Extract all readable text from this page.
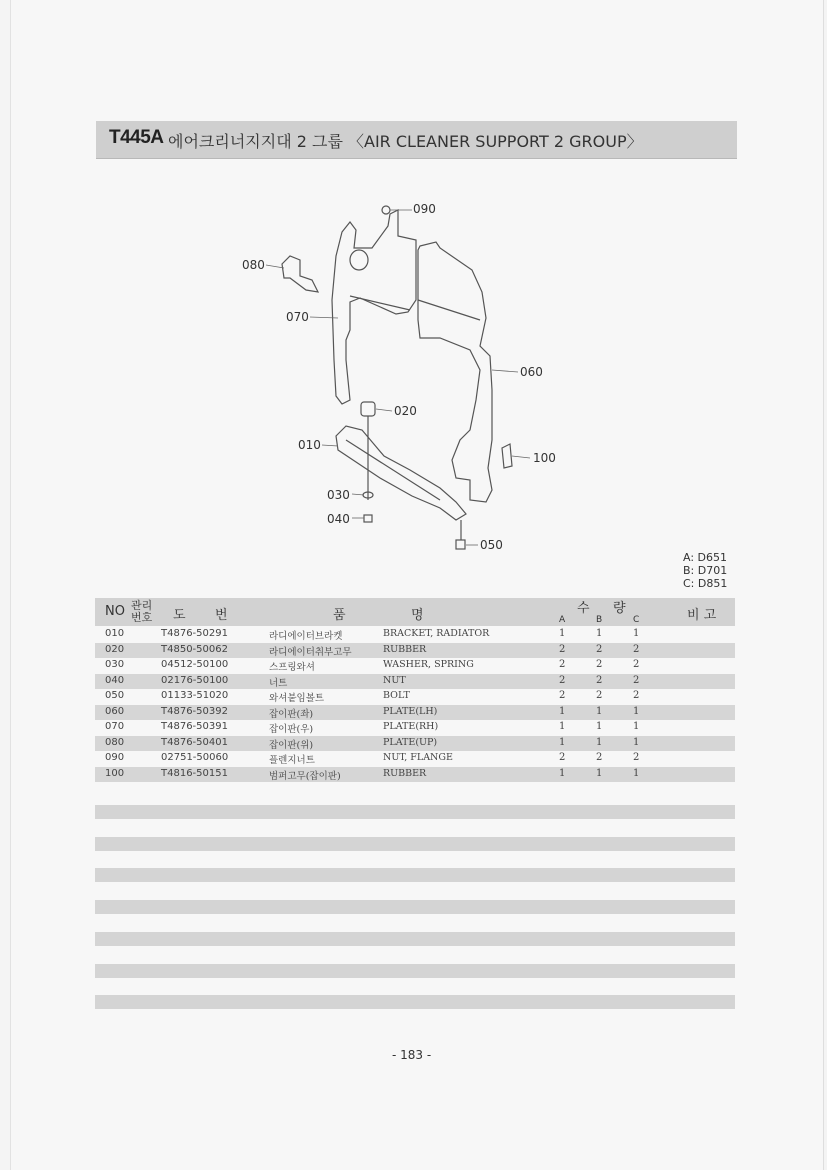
T445A 에어크리너지지대 2 그룹 〈AIR CLEANER SUPPORT 2 GROUP〉
090
080
070
060
020
010
100
030
040
050
A: D651
B: D701
C: D851
NO 관리
번호 도 번	품	명	수 량
A	B	C	비 고
010	T4876-50291	라디에이터브라켓	BRACKET, RADIATOR	1	1	1
020	T4850-50062	라디에이터취부고무	RUBBER	2	2	2
030	04512-50100	스프링와셔	WASHER, SPRING	2	2	2
040	02176-50100	너트	NUT	2	2	2
050	01133-51020	와셔붙임볼트	BOLT	2	2	2
060	T4876-50392	잡이판(좌)	PLATE(LH)	1	1	1
070	T4876-50391	잡이판(우)	PLATE(RH)	1	1	1
080	T4876-50401	잡이판(위)	PLATE(UP)	1	1	1
090	02751-50060	플렌지너트	NUT, FLANGE	2	2	2
100	T4816-50151	범퍼고무(잡이판)	RUBBER	1	1	1
- 183 -
